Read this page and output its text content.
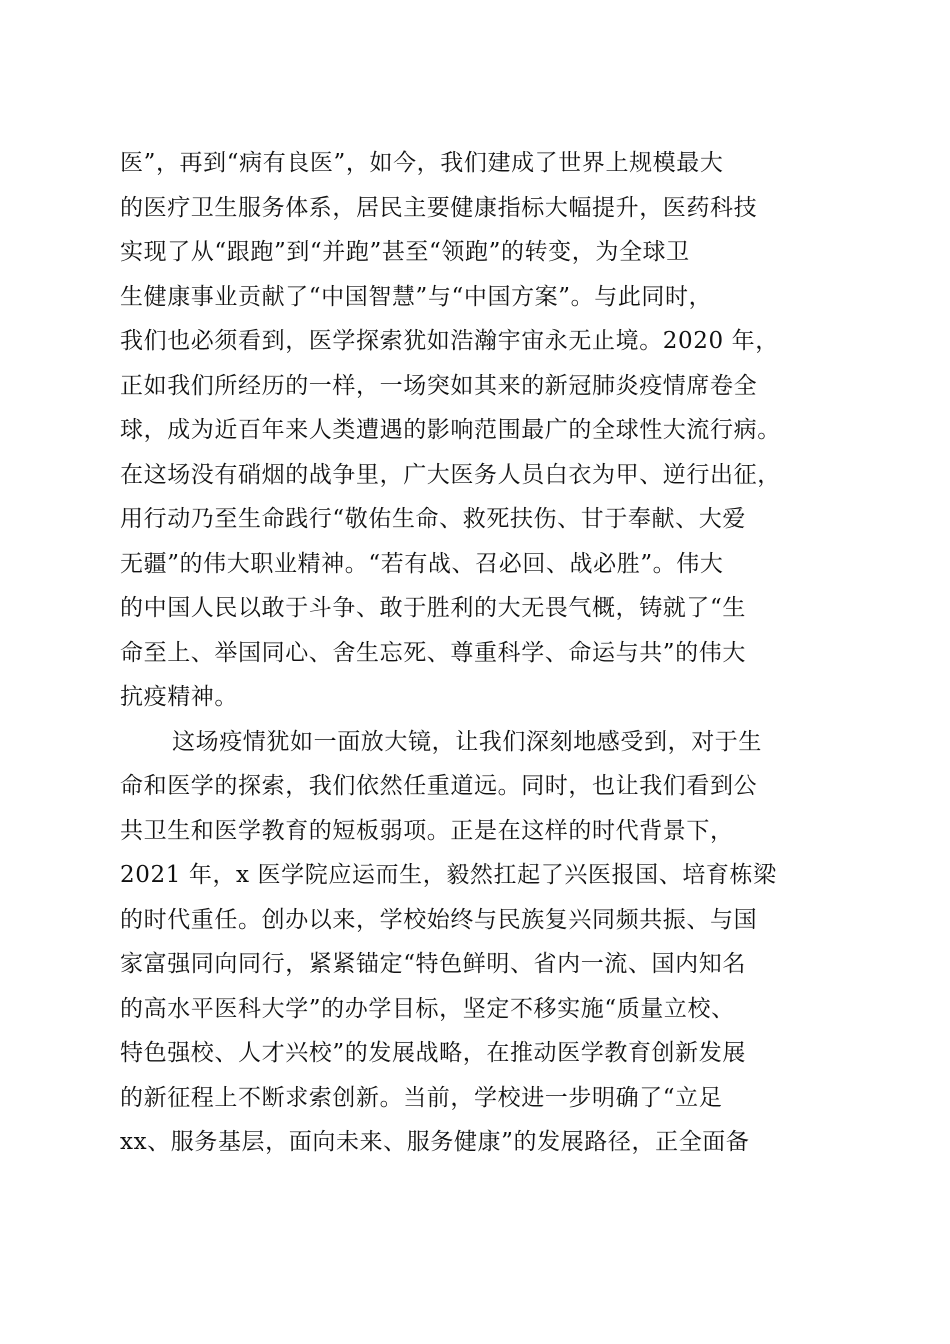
医”，再到“病有良医”，如今，我们建成了世界上规模最大
的医疗卫生服务体系，居民主要健康指标大幅提升，医药科技
实现了从“跟跑”到“并跑”甚至“领跑”的转变，为全球卫
生健康事业贡献了“中国智慧”与“中国方案”。与此同时，
我们也必须看到，医学探索犹如浩瀚宇宙永无止境。2020 年，
正如我们所经历的一样，一场突如其来的新冠肺炎疫情席卷全
球，成为近百年来人类遭遇的影响范围最广的全球性大流行病。
在这场没有硝烟的战争里，广大医务人员白衣为甲、逆行出征，
用行动乃至生命践行“敬佑生命、救死扶伤、甘于奉献、大爱
无疆”的伟大职业精神。“若有战、召必回、战必胜”。伟大
的中国人民以敢于斗争、敢于胜利的大无畏气概，铸就了“生
命至上、举国同心、舍生忘死、尊重科学、命运与共”的伟大
抗疫精神。
这场疫情犹如一面放大镜，让我们深刻地感受到，对于生
命和医学的探索，我们依然任重道远。同时，也让我们看到公
共卫生和医学教育的短板弱项。正是在这样的时代背景下，
2021 年，x 医学院应运而生，毅然扛起了兴医报国、培育栋梁
的时代重任。创办以来，学校始终与民族复兴同频共振、与国
家富强同向同行，紧紧锚定“特色鲜明、省内一流、国内知名
的高水平医科大学”的办学目标，坚定不移实施“质量立校、
特色强校、人才兴校”的发展战略，在推动医学教育创新发展
的新征程上不断求索创新。当前，学校进一步明确了“立足
xx、服务基层，面向未来、服务健康”的发展路径，正全面备
